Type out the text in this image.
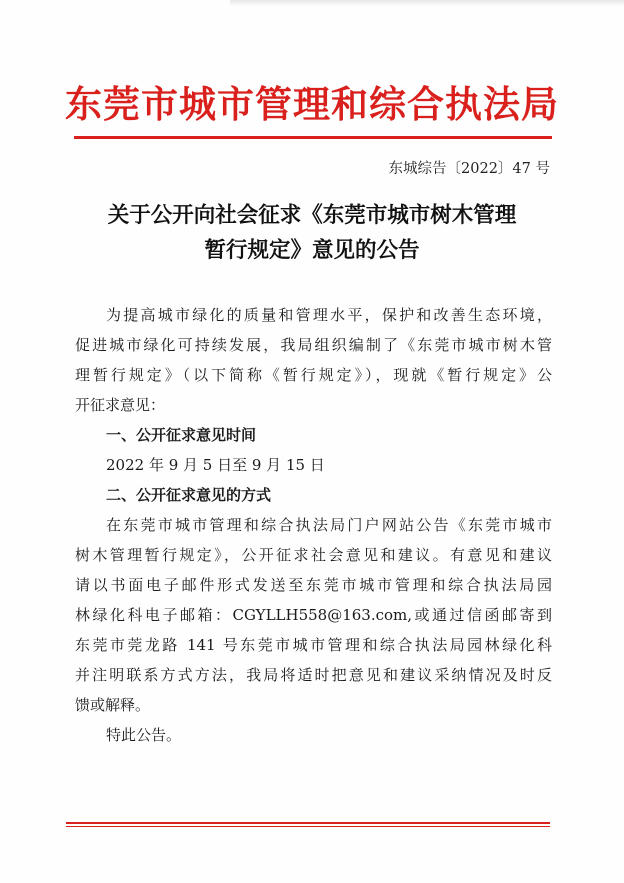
东莞市城市管理和综合执法局
东城综告〔2022〕47 号
关于公开向社会征求《东莞市城市树木管理
暂行规定》意见的公告
为提高城市绿化的质量和管理水平，保护和改善生态环境，
促进城市绿化可持续发展，我局组织编制了《东莞市城市树木管
理暂行规定》（以下简称《暂行规定》），现就《暂行规定》公
开征求意见：
一、公开征求意见时间
2022 年 9 月 5 日至 9 月 15 日
二、公开征求意见的方式
在东莞市城市管理和综合执法局门户网站公告《东莞市城市
树木管理暂行规定》，公开征求社会意见和建议。有意见和建议
请以书面电子邮件形式发送至东莞市城市管理和综合执法局园
林绿化科电子邮箱：CGYLLH558@163.com,或通过信函邮寄到
东莞市莞龙路 141 号东莞市城市管理和综合执法局园林绿化科
并注明联系方式方法，我局将适时把意见和建议采纳情况及时反
馈或解释。
特此公告。
